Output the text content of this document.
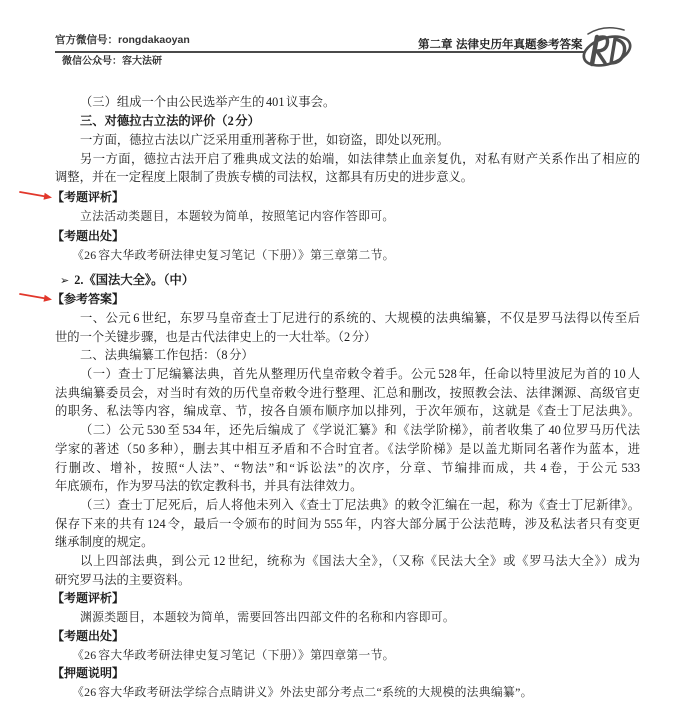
官方微信号：rongdakaoyan
微信公众号：容大法研
第二章 法律史历年真题参考答案
（三）组成一个由公民选举产生的 401 议事会。
三、对德拉古立法的评价（2 分）
一方面，德拉古法以广泛采用重刑著称于世，如窃盗，即处以死刑。
另一方面，德拉古法开启了雅典成文法的始端，如法律禁止血亲复仇，对私有财产关系作出了相应的
调整，并在一定程度上限制了贵族专横的司法权，这都具有历史的进步意义。
【考题评析】
立法活动类题目，本题较为简单，按照笔记内容作答即可。
【考题出处】
《26 容大华政考研法律史复习笔记（下册）》第三章第二节。
➢ 2.《国法大全》。（中）
【参考答案】
一、公元 6 世纪，东罗马皇帝查士丁尼进行的系统的、大规模的法典编纂，不仅是罗马法得以传至后
世的一个关键步骤，也是古代法律史上的一大壮举。（2 分）
二、法典编纂工作包括：（8 分）
（一）查士丁尼编纂法典，首先从整理历代皇帝敕令着手。公元 528 年，任命以特里波尼为首的 10 人
法典编纂委员会，对当时有效的历代皇帝敕令进行整理、汇总和删改，按照教会法、法律渊源、高级官吏
的职务、私法等内容，编成章、节，按各自颁布顺序加以排列，于次年颁布，这就是《查士丁尼法典》。
（二）公元 530 至 534 年，还先后编成了《学说汇纂》和《法学阶梯》，前者收集了 40 位罗马历代法
学家的著述（50 多种），删去其中相互矛盾和不合时宜者。《法学阶梯》是以盖尤斯同名著作为蓝本，进
行删改、增补，按照“人法”、“物法”和“诉讼法”的次序，分章、节编排而成，共 4 卷，于公元 533
年底颁布，作为罗马法的钦定教科书，并具有法律效力。
（三）查士丁尼死后，后人将他未列入《查士丁尼法典》的敕令汇编在一起，称为《查士丁尼新律》。
保存下来的共有 124 令，最后一令颁布的时间为 555 年，内容大部分属于公法范畴，涉及私法者只有变更
继承制度的规定。
以上四部法典，到公元 12 世纪，统称为《国法大全》，（又称《民法大全》或《罗马法大全》）成为
研究罗马法的主要资料。
【考题评析】
渊源类题目，本题较为简单，需要回答出四部文件的名称和内容即可。
【考题出处】
《26 容大华政考研法律史复习笔记（下册）》第四章第一节。
【押题说明】
《26 容大华政考研法学综合点睛讲义》外法史部分考点二“系统的大规模的法典编纂”。
